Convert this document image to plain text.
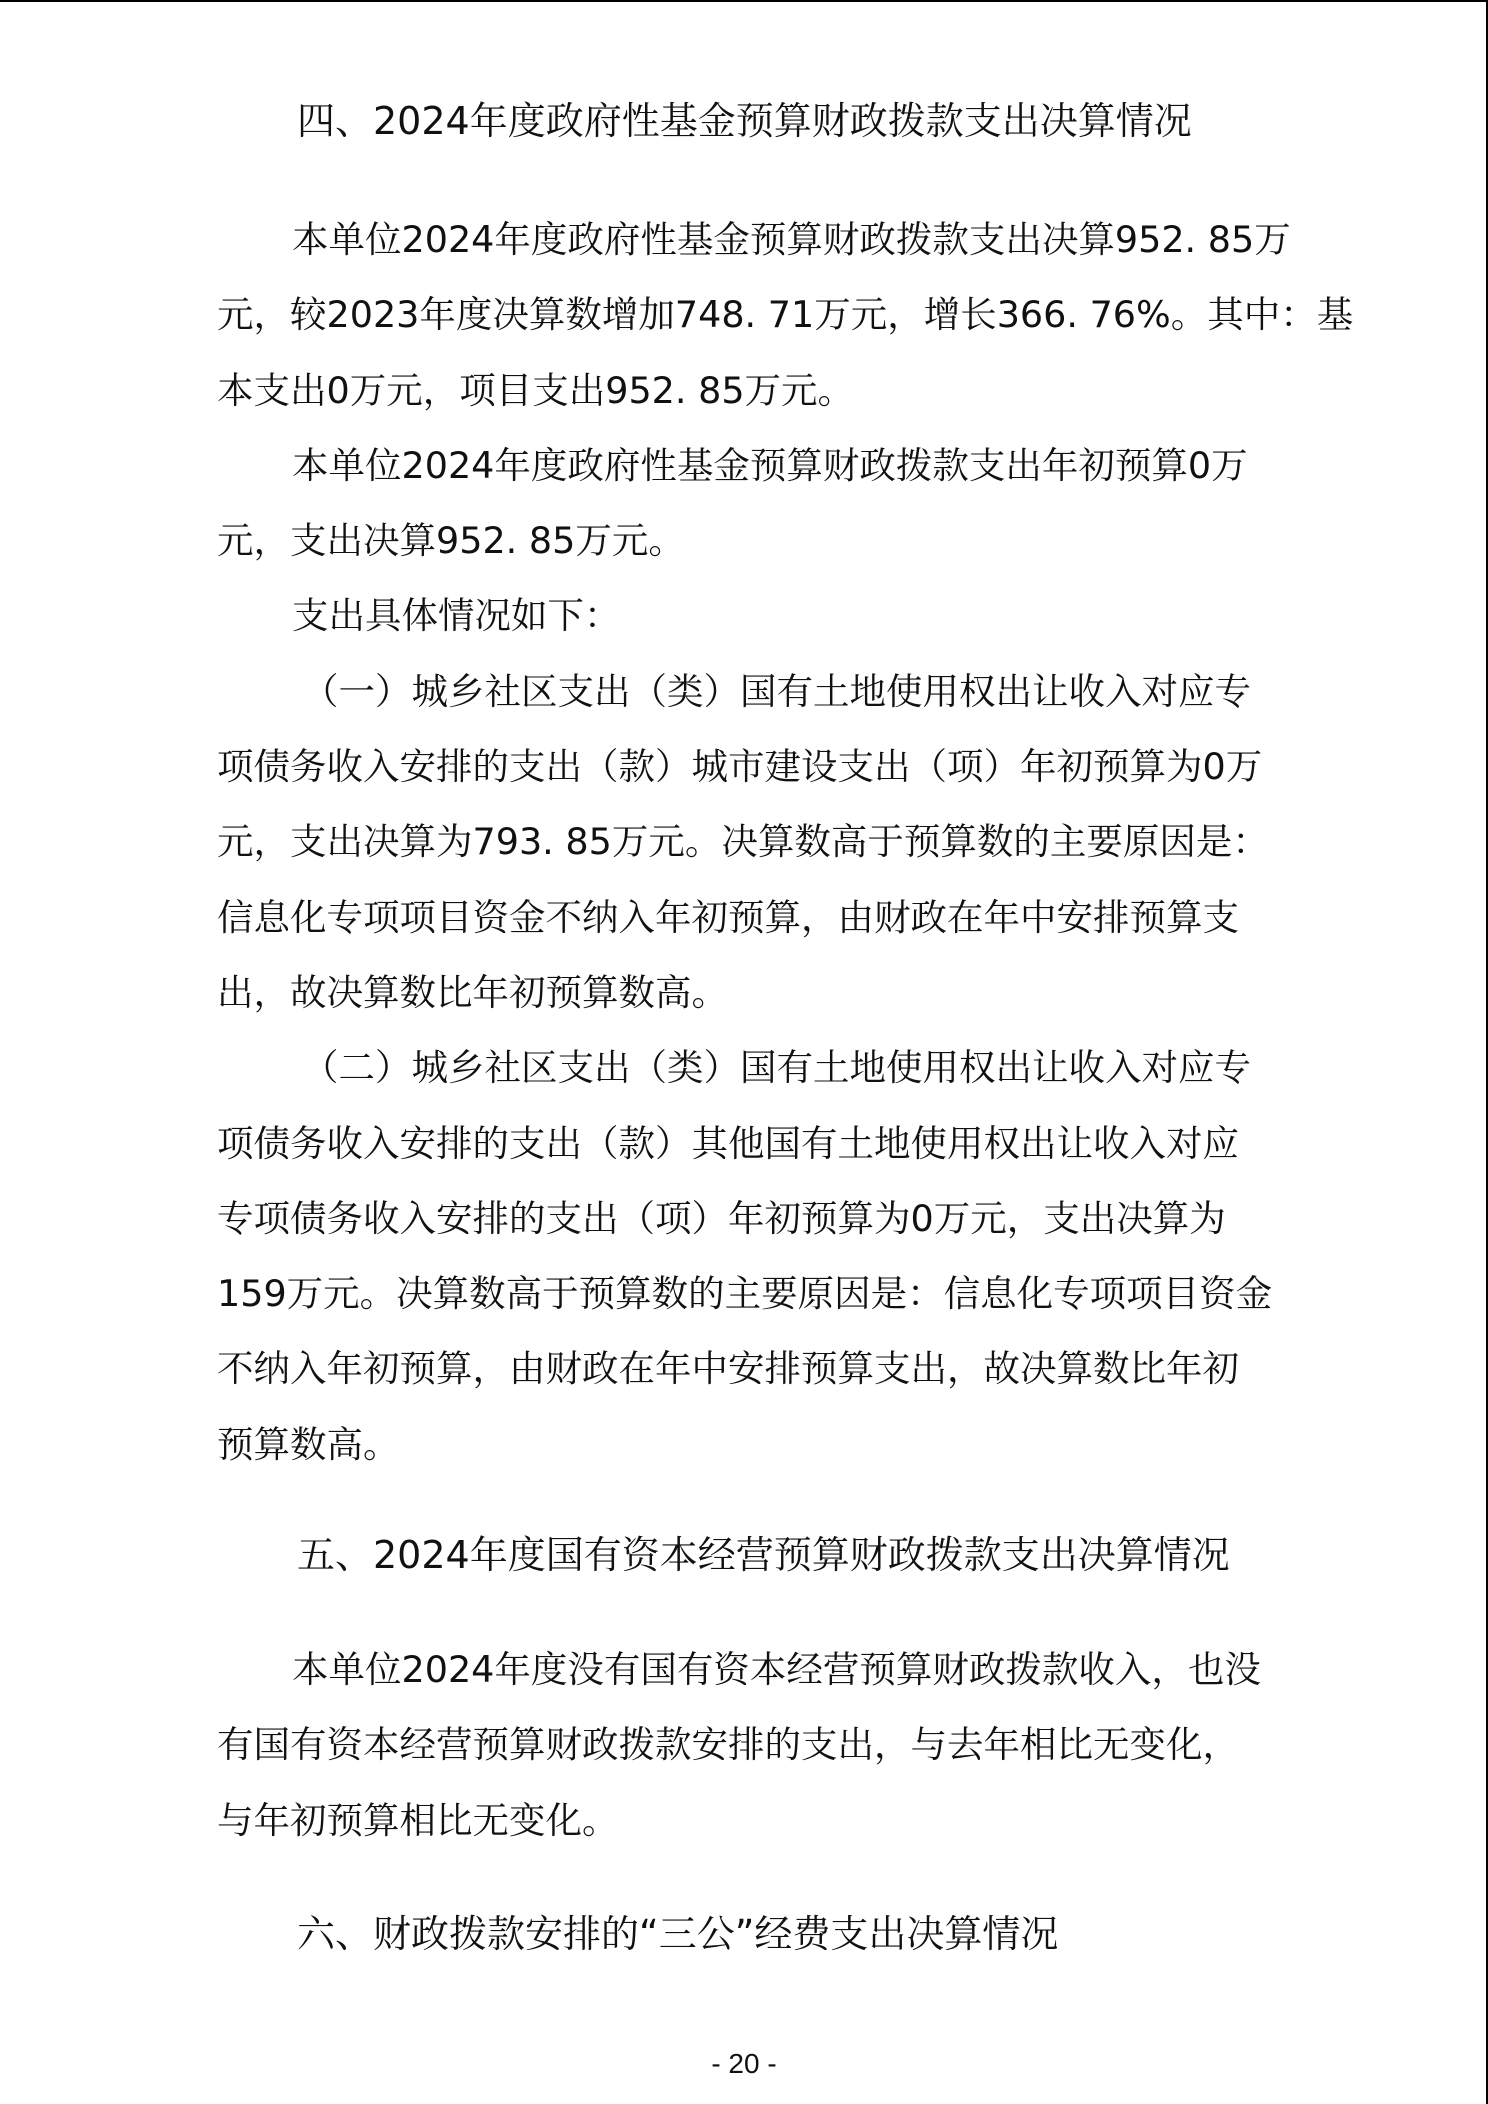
四、2024年度政府性基金预算财政拨款支出决算情况

本单位2024年度政府性基金预算财政拨款支出决算952. 85万
元，较2023年度决算数增加748. 71万元，增长366. 76%。其中：基
本支出0万元，项目支出952. 85万元。

本单位2024年度政府性基金预算财政拨款支出年初预算0万
元，支出决算952. 85万元。

支出具体情况如下：

（一）城乡社区支出（类）国有土地使用权出让收入对应专
项债务收入安排的支出（款）城市建设支出（项）年初预算为0万
元，支出决算为793. 85万元。决算数高于预算数的主要原因是：
信息化专项项目资金不纳入年初预算，由财政在年中安排预算支
出，故决算数比年初预算数高。

（二）城乡社区支出（类）国有土地使用权出让收入对应专
项债务收入安排的支出（款）其他国有土地使用权出让收入对应
专项债务收入安排的支出（项）年初预算为0万元，支出决算为
159万元。决算数高于预算数的主要原因是：信息化专项项目资金
不纳入年初预算，由财政在年中安排预算支出，故决算数比年初
预算数高。

五、2024年度国有资本经营预算财政拨款支出决算情况

本单位2024年度没有国有资本经营预算财政拨款收入，也没
有国有资本经营预算财政拨款安排的支出，与去年相比无变化，
与年初预算相比无变化。

六、财政拨款安排的“三公”经费支出决算情况
- 20 -
